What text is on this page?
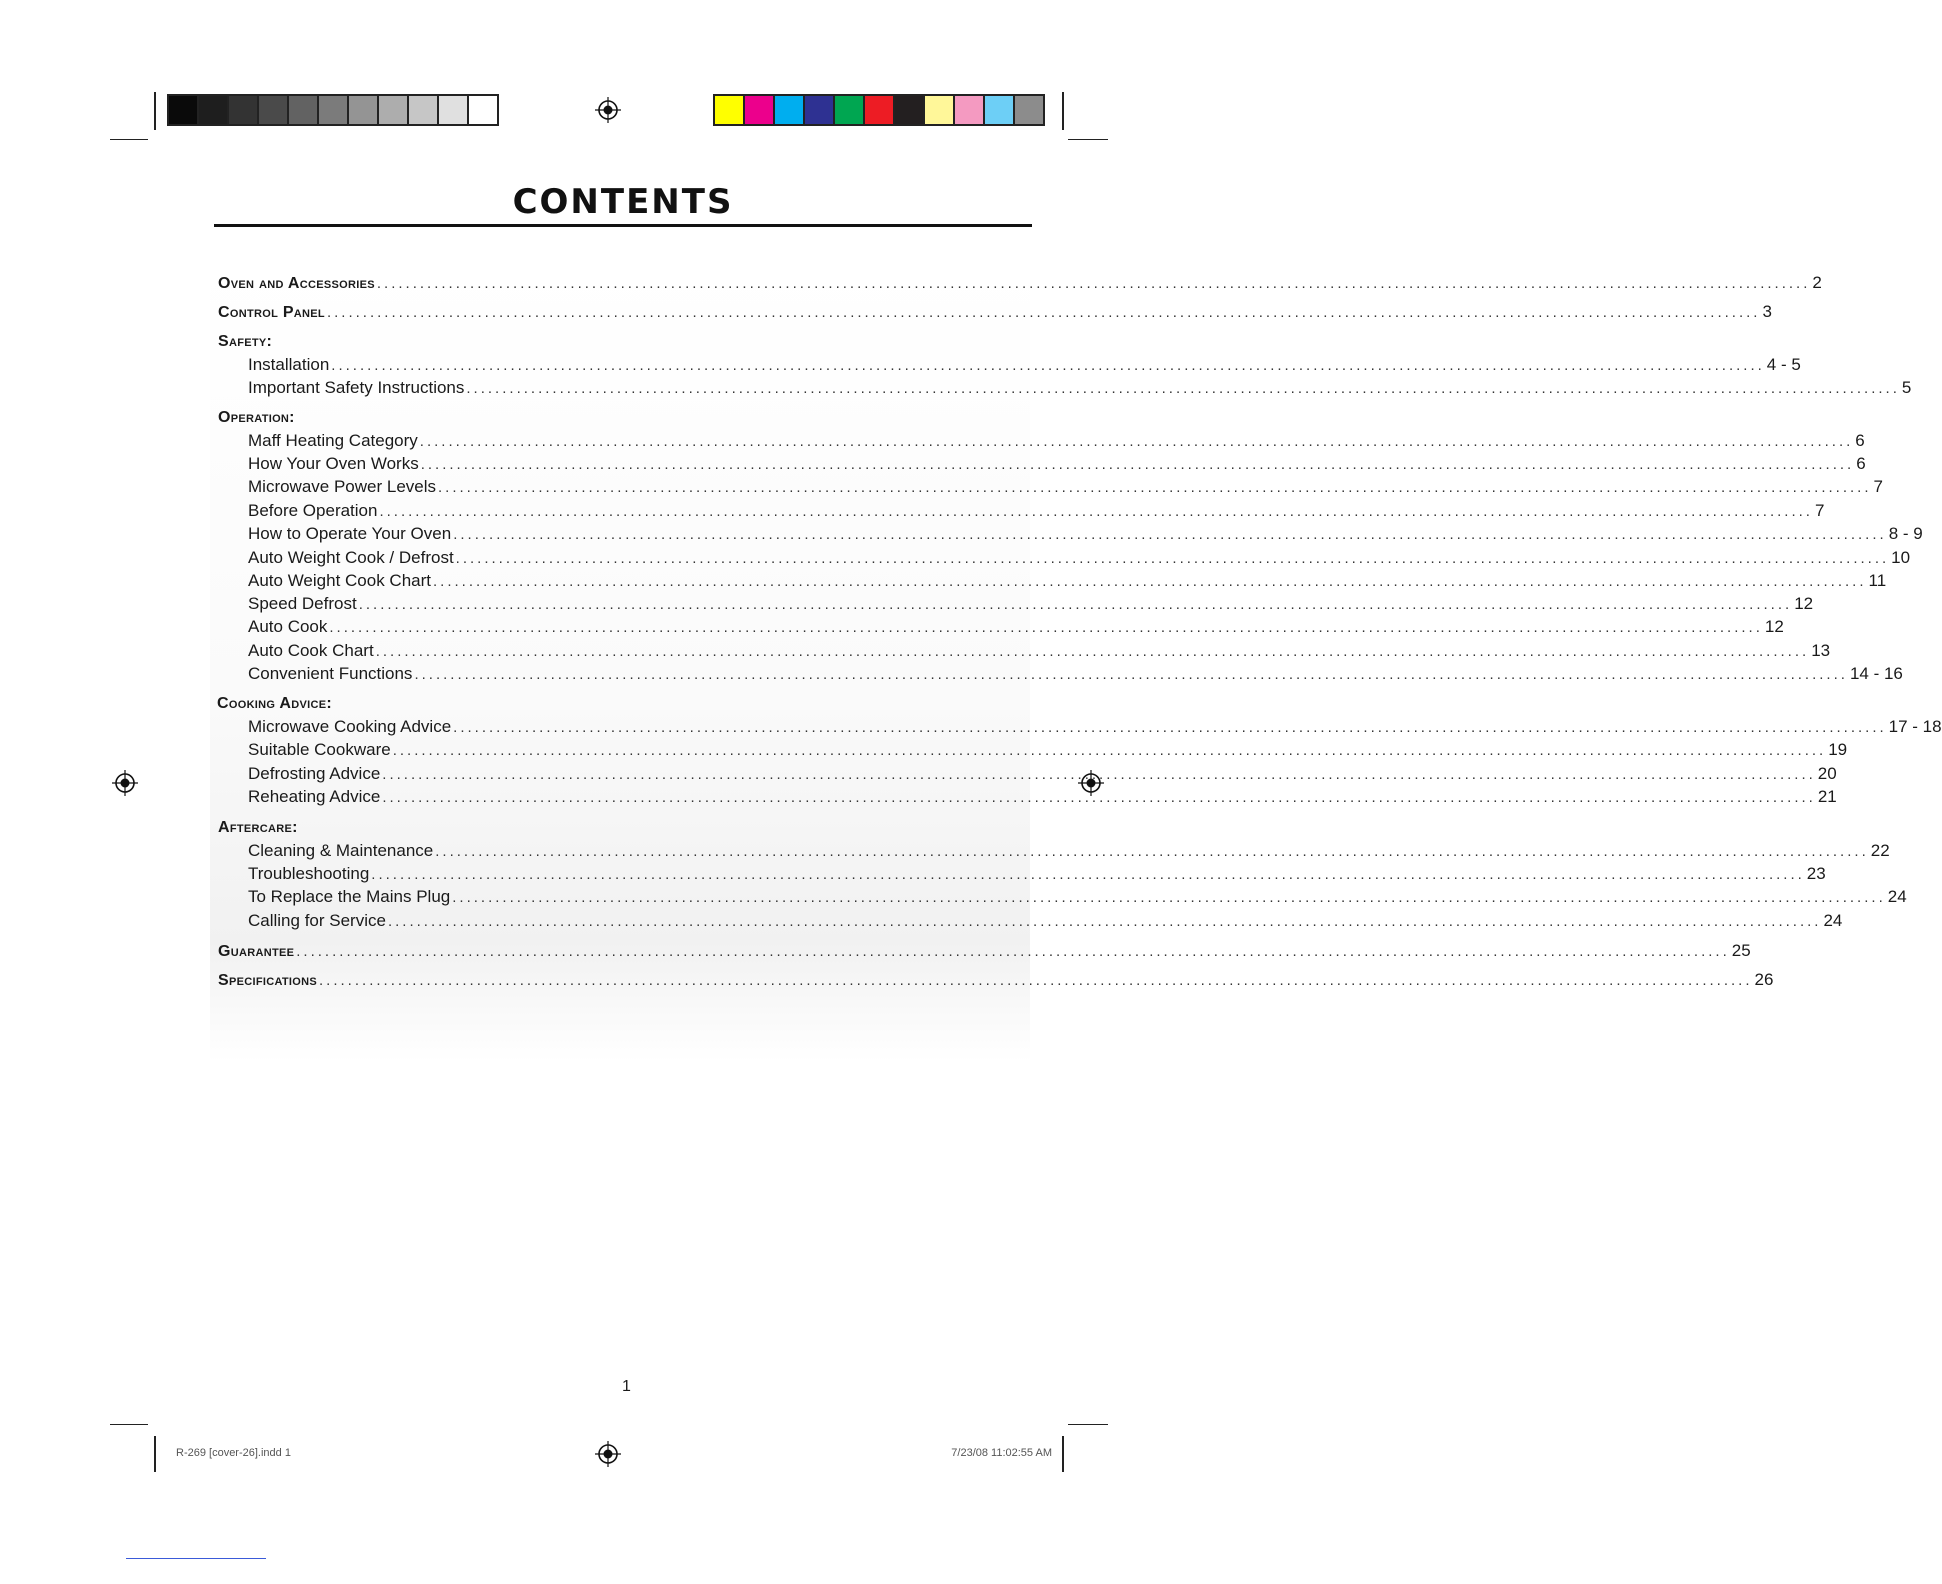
CONTENTS
Oven and Accessories ........................................................................................................................................................................................................ 2
Control Panel ........................................................................................................................................................................................................ 3
Safety:
Installation ........................................................................................................................................................................................................ 4 - 5
Important Safety Instructions ........................................................................................................................................................................................................ 5
Operation:
Maff Heating Category ........................................................................................................................................................................................................ 6
How Your Oven Works ........................................................................................................................................................................................................ 6
Microwave Power Levels ........................................................................................................................................................................................................ 7
Before Operation ........................................................................................................................................................................................................ 7
How to Operate Your Oven ........................................................................................................................................................................................................ 8 - 9
Auto Weight Cook / Defrost ........................................................................................................................................................................................................ 10
Auto Weight Cook Chart ........................................................................................................................................................................................................ 11
Speed Defrost ........................................................................................................................................................................................................ 12
Auto Cook ........................................................................................................................................................................................................ 12
Auto Cook Chart ........................................................................................................................................................................................................ 13
Convenient Functions ........................................................................................................................................................................................................ 14 - 16
Cooking Advice:
Microwave Cooking Advice ........................................................................................................................................................................................................ 17 - 18
Suitable Cookware ........................................................................................................................................................................................................ 19
Defrosting Advice ........................................................................................................................................................................................................ 20
Reheating Advice ........................................................................................................................................................................................................ 21
Aftercare:
Cleaning & Maintenance ........................................................................................................................................................................................................ 22
Troubleshooting ........................................................................................................................................................................................................ 23
To Replace the Mains Plug ........................................................................................................................................................................................................ 24
Calling for Service ........................................................................................................................................................................................................ 24
Guarantee ........................................................................................................................................................................................................ 25
Specifications ........................................................................................................................................................................................................ 26
1
R-269 [cover-26].indd 1	7/23/08 11:02:55 AM
